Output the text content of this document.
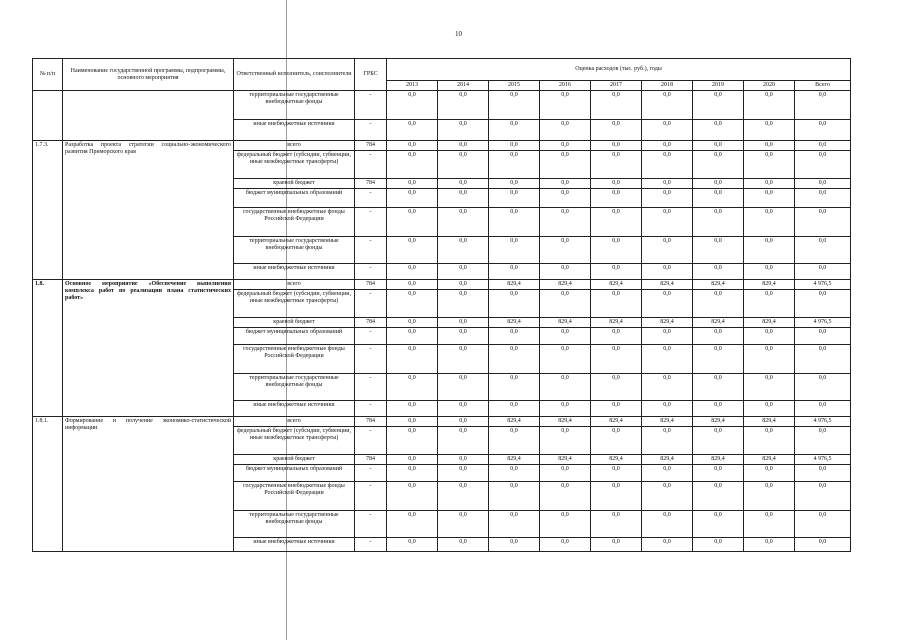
10
№ п/п	Наименование государственной программы, подпрограммы, основного мероприятия	Ответственный исполнитель, соисполнители	ГРБС	Оценка расходов (тыс. руб.), годы								
				2013	2014	2015	2016	2017	2018	2019	2020	Всего
		территориальные государственные внебюджетные фонды	-	0,0	0,0	0,0	0,0	0,0	0,0	0,0	0,0	0,0
		иные внебюджетные источники	-	0,0	0,0	0,0	0,0	0,0	0,0	0,0	0,0	0,0
1.7.3.	Разработка проекта стратегии социально-экономического развития Приморского края	всего	784	0,0	0,0	0,0	0,0	0,0	0,0	0,0	0,0	0,0
		федеральный бюджет (субсидии, субвенции, иные межбюджетные трансферты)	-	0,0	0,0	0,0	0,0	0,0	0,0	0,0	0,0	0,0
		краевой бюджет	784	0,0	0,0	0,0	0,0	0,0	0,0	0,0	0,0	0,0
		бюджет муниципальных образований	-	0,0	0,0	0,0	0,0	0,0	0,0	0,0	0,0	0,0
		государственные внебюджетные фонды Российской Федерации	-	0,0	0,0	0,0	0,0	0,0	0,0	0,0	0,0	0,0
		территориальные государственные внебюджетные фонды	-	0,0	0,0	0,0	0,0	0,0	0,0	0,0	0,0	0,0
		иные внебюджетные источники	-	0,0	0,0	0,0	0,0	0,0	0,0	0,0	0,0	0,0
1.8.	Основное мероприятие «Обеспечение выполнения комплекса работ по реализации плана статистических работ»	всего	784	0,0	0,0	829,4	829,4	829,4	829,4	829,4	829,4	4 976,5
		федеральный бюджет (субсидии, субвенции, иные межбюджетные трансферты)	-	0,0	0,0	0,0	0,0	0,0	0,0	0,0	0,0	0,0
		краевой бюджет	784	0,0	0,0	829,4	829,4	829,4	829,4	829,4	829,4	4 976,5
		бюджет муниципальных образований	-	0,0	0,0	0,0	0,0	0,0	0,0	0,0	0,0	0,0
		государственные внебюджетные фонды Российской Федерации	-	0,0	0,0	0,0	0,0	0,0	0,0	0,0	0,0	0,0
		территориальные государственные внебюджетные фонды	-	0,0	0,0	0,0	0,0	0,0	0,0	0,0	0,0	0,0
		иные внебюджетные источники	-	0,0	0,0	0,0	0,0	0,0	0,0	0,0	0,0	0,0
1.8.1.	Формирование и получение экономико-статистической информации	всего	784	0,0	0,0	829,4	829,4	829,4	829,4	829,4	829,4	4 976,5
		федеральный бюджет (субсидии, субвенции, иные межбюджетные трансферты)	-	0,0	0,0	0,0	0,0	0,0	0,0	0,0	0,0	0,0
		краевой бюджет	784	0,0	0,0	829,4	829,4	829,4	829,4	829,4	829,4	4 976,5
		бюджет муниципальных образований	-	0,0	0,0	0,0	0,0	0,0	0,0	0,0	0,0	0,0
		государственные внебюджетные фонды Российской Федерации	-	0,0	0,0	0,0	0,0	0,0	0,0	0,0	0,0	0,0
		территориальные государственные внебюджетные фонды	-	0,0	0,0	0,0	0,0	0,0	0,0	0,0	0,0	0,0
		иные внебюджетные источники	-	0,0	0,0	0,0	0,0	0,0	0,0	0,0	0,0	0,0
